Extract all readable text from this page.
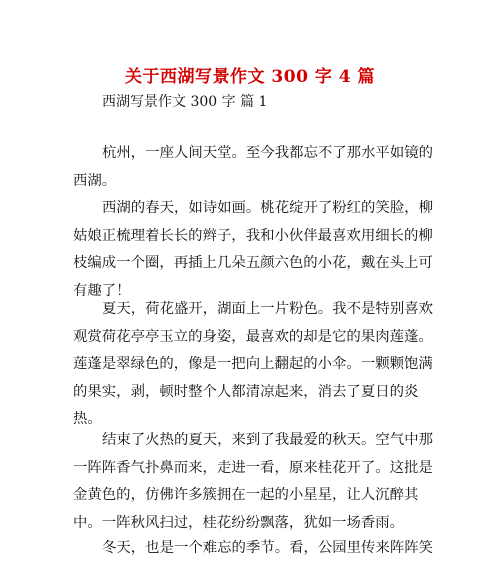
关于西湖写景作文 300 字 4 篇
西湖写景作文 300 字 篇 1
杭州，一座人间天堂。至今我都忘不了那水平如镜的西湖。
西湖的春天，如诗如画。桃花绽开了粉红的笑脸，柳姑娘正梳理着长长的辫子，我和小伙伴最喜欢用细长的柳枝编成一个圈，再插上几朵五颜六色的小花，戴在头上可有趣了！
夏天，荷花盛开，湖面上一片粉色。我不是特别喜欢观赏荷花亭亭玉立的身姿，最喜欢的却是它的果肉莲蓬。莲蓬是翠绿色的，像是一把向上翻起的小伞。一颗颗饱满的果实，剥，顿时整个人都清凉起来，消去了夏日的炎热。
结束了火热的夏天，来到了我最爱的秋天。空气中那一阵阵香气扑鼻而来，走进一看，原来桂花开了。这批是金黄色的，仿佛许多簇拥在一起的小星星，让人沉醉其中。一阵秋风扫过，桂花纷纷飘落，犹如一场香雨。
冬天，也是一个难忘的季节。看，公园里传来阵阵笑
